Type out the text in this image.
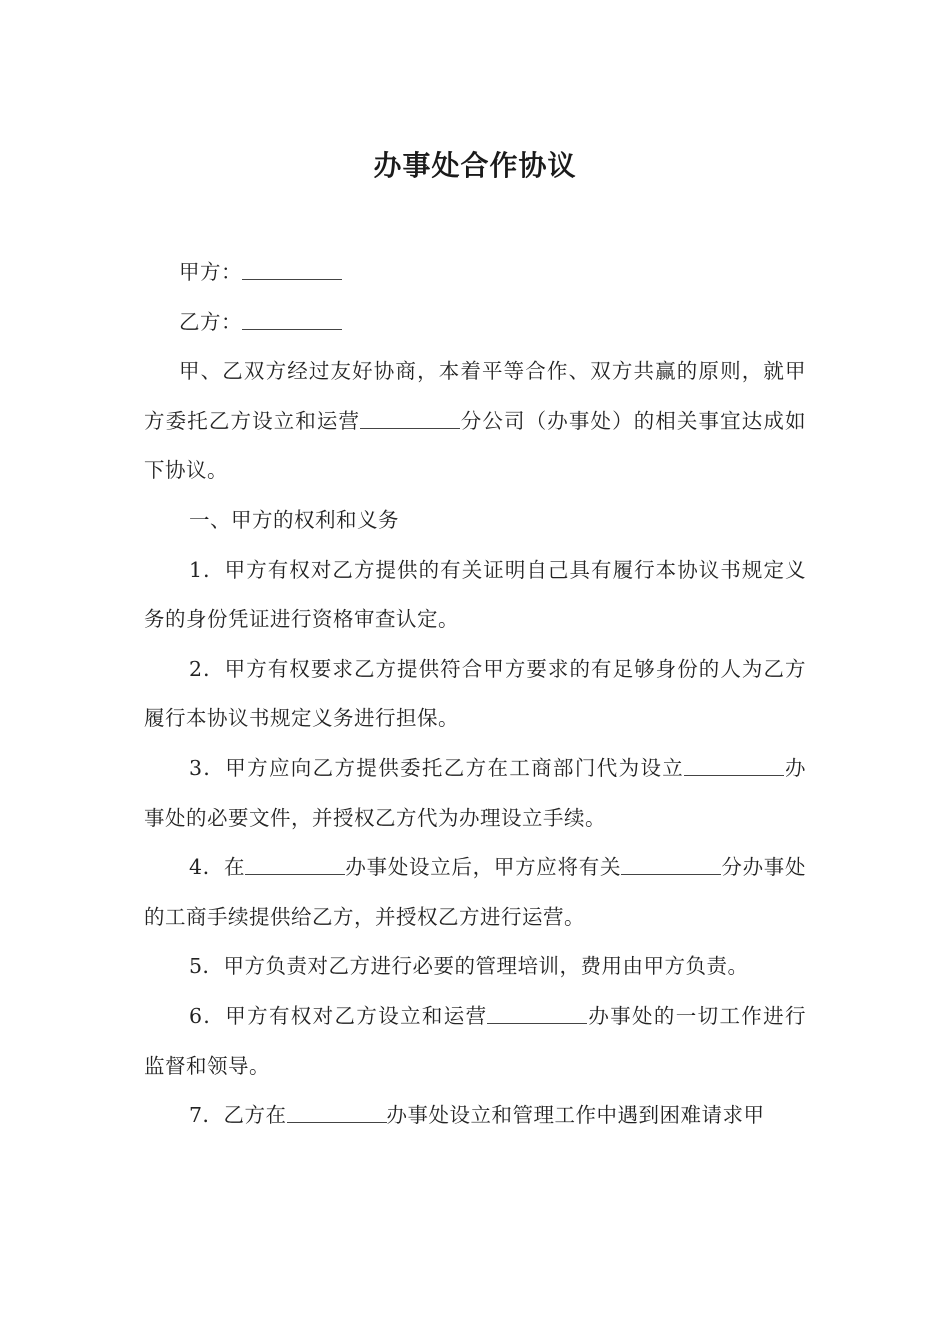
办事处合作协议

甲方：

乙方：

甲、乙双方经过友好协商，本着平等合作、双方共赢的原则，就甲方委托乙方设立和运营	分公司（办事处）的相关事宜达成如下协议。

一、甲方的权利和义务

1．甲方有权对乙方提供的有关证明自己具有履行本协议书规定义务的身份凭证进行资格审查认定。

2．甲方有权要求乙方提供符合甲方要求的有足够身份的人为乙方履行本协议书规定义务进行担保。

3．甲方应向乙方提供委托乙方在工商部门代为设立	办事处的必要文件，并授权乙方代为办理设立手续。

4．在	办事处设立后，甲方应将有关	分办事处的工商手续提供给乙方，并授权乙方进行运营。

5．甲方负责对乙方进行必要的管理培训，费用由甲方负责。

6．甲方有权对乙方设立和运营	办事处的一切工作进行监督和领导。

7．乙方在	办事处设立和管理工作中遇到困难请求甲
